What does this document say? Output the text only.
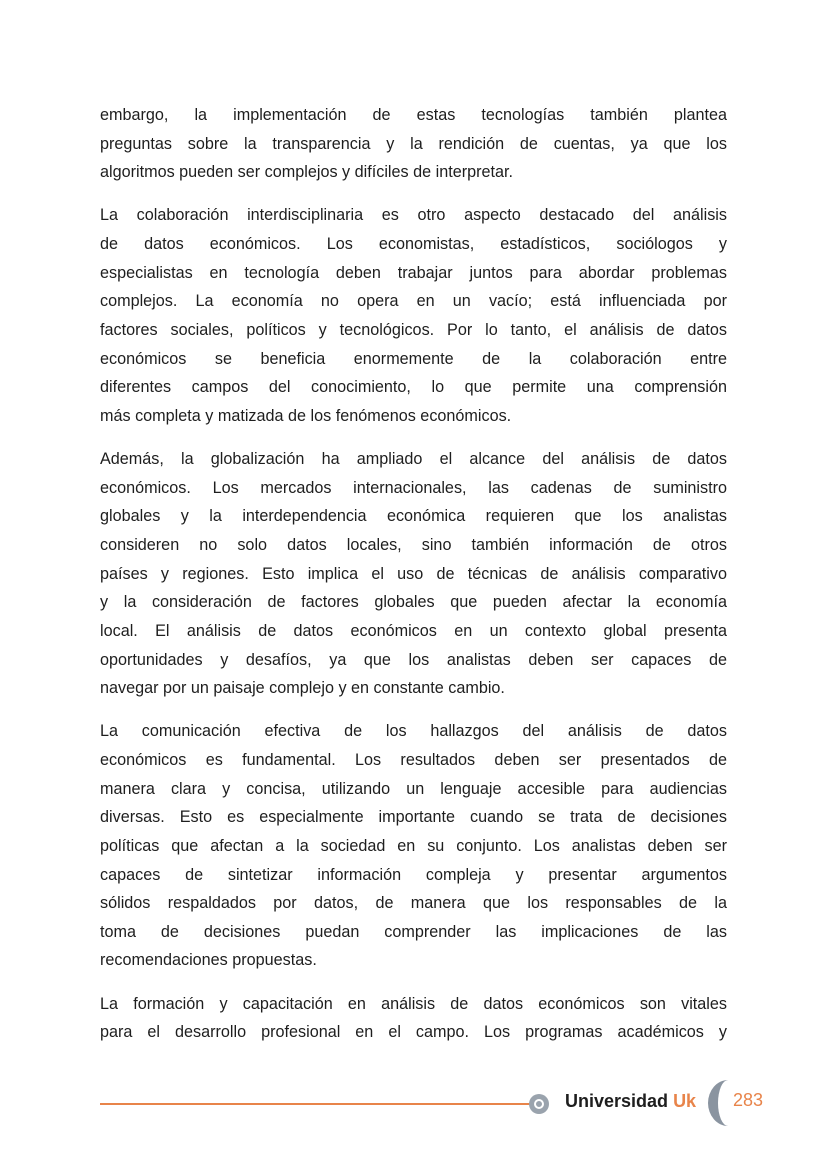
embargo, la implementación de estas tecnologías también plantea
preguntas sobre la transparencia y la rendición de cuentas, ya que los
algoritmos pueden ser complejos y difíciles de interpretar.

La colaboración interdisciplinaria es otro aspecto destacado del análisis
de datos económicos. Los economistas, estadísticos, sociólogos y
especialistas en tecnología deben trabajar juntos para abordar problemas
complejos. La economía no opera en un vacío; está influenciada por
factores sociales, políticos y tecnológicos. Por lo tanto, el análisis de datos
económicos se beneficia enormemente de la colaboración entre
diferentes campos del conocimiento, lo que permite una comprensión
más completa y matizada de los fenómenos económicos.

Además, la globalización ha ampliado el alcance del análisis de datos
económicos. Los mercados internacionales, las cadenas de suministro
globales y la interdependencia económica requieren que los analistas
consideren no solo datos locales, sino también información de otros
países y regiones. Esto implica el uso de técnicas de análisis comparativo
y la consideración de factores globales que pueden afectar la economía
local. El análisis de datos económicos en un contexto global presenta
oportunidades y desafíos, ya que los analistas deben ser capaces de
navegar por un paisaje complejo y en constante cambio.

La comunicación efectiva de los hallazgos del análisis de datos
económicos es fundamental. Los resultados deben ser presentados de
manera clara y concisa, utilizando un lenguaje accesible para audiencias
diversas. Esto es especialmente importante cuando se trata de decisiones
políticas que afectan a la sociedad en su conjunto. Los analistas deben ser
capaces de sintetizar información compleja y presentar argumentos
sólidos respaldados por datos, de manera que los responsables de la
toma de decisiones puedan comprender las implicaciones de las
recomendaciones propuestas.

La formación y capacitación en análisis de datos económicos son vitales
para el desarrollo profesional en el campo. Los programas académicos y

Universidad Uk 283
